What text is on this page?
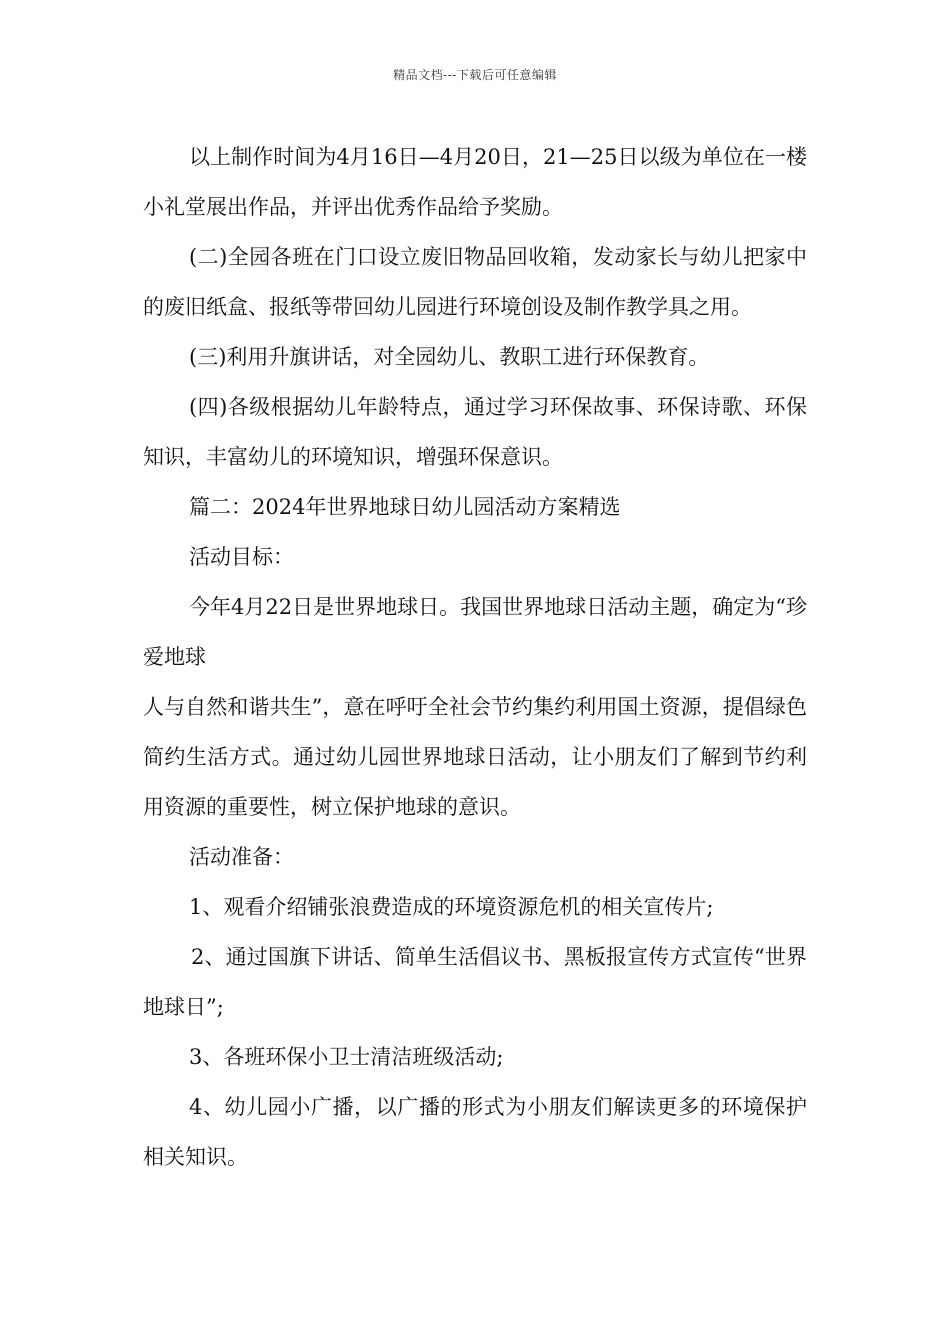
精品文档---下载后可任意编辑

以上制作时间为4月16日—4月20日，21—25日以级为单位在一楼小礼堂展出作品，并评出优秀作品给予奖励。

(二)全园各班在门口设立废旧物品回收箱，发动家长与幼儿把家中的废旧纸盒、报纸等带回幼儿园进行环境创设及制作教学具之用。

(三)利用升旗讲话，对全园幼儿、教职工进行环保教育。

(四)各级根据幼儿年龄特点，通过学习环保故事、环保诗歌、环保知识，丰富幼儿的环境知识，增强环保意识。

篇二：2024年世界地球日幼儿园活动方案精选

活动目标：

今年4月22日是世界地球日。我国世界地球日活动主题，确定为“珍爱地球

人与自然和谐共生”，意在呼吁全社会节约集约利用国土资源，提倡绿色简约生活方式。通过幼儿园世界地球日活动，让小朋友们了解到节约利用资源的重要性，树立保护地球的意识。

活动准备：

1、观看介绍铺张浪费造成的环境资源危机的相关宣传片;

2、通过国旗下讲话、简单生活倡议书、黑板报宣传方式宣传“世界地球日”;

3、各班环保小卫士清洁班级活动;

4、幼儿园小广播，以广播的形式为小朋友们解读更多的环境保护相关知识。
